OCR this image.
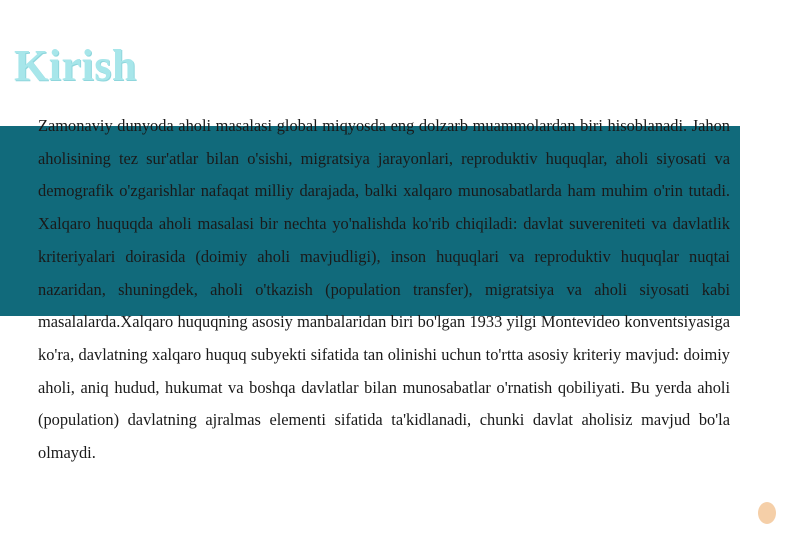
Kirish

Zamonaviy dunyoda aholi masalasi global miqyosda eng dolzarb muammolardan biri hisoblanadi. Jahon aholisining tez sur'atlar bilan o'sishi, migratsiya jarayonlari, reproduktiv huquqlar, aholi siyosati va demografik o'zgarishlar nafaqat milliy darajada, balki xalqaro munosabatlarda ham muhim o'rin tutadi. Xalqaro huquqda aholi masalasi bir nechta yo'nalishda ko'rib chiqiladi: davlat suvereniteti va davlatlik kriteriyalari doirasida (doimiy aholi mavjudligi), inson huquqlari va reproduktiv huquqlar nuqtai nazaridan, shuningdek, aholi o'tkazish (population transfer), migratsiya va aholi siyosati kabi masalalarda.Xalqaro huquqning asosiy manbalaridan biri bo'lgan 1933 yilgi Montevideo konventsiyasiga ko'ra, davlatning xalqaro huquq subyekti sifatida tan olinishi uchun to'rtta asosiy kriteriy mavjud: doimiy aholi, aniq hudud, hukumat va boshqa davlatlar bilan munosabatlar o'rnatish qobiliyati. Bu yerda aholi (population) davlatning ajralmas elementi sifatida ta'kidlanadi, chunki davlat aholisiz mavjud bo'la olmaydi.
